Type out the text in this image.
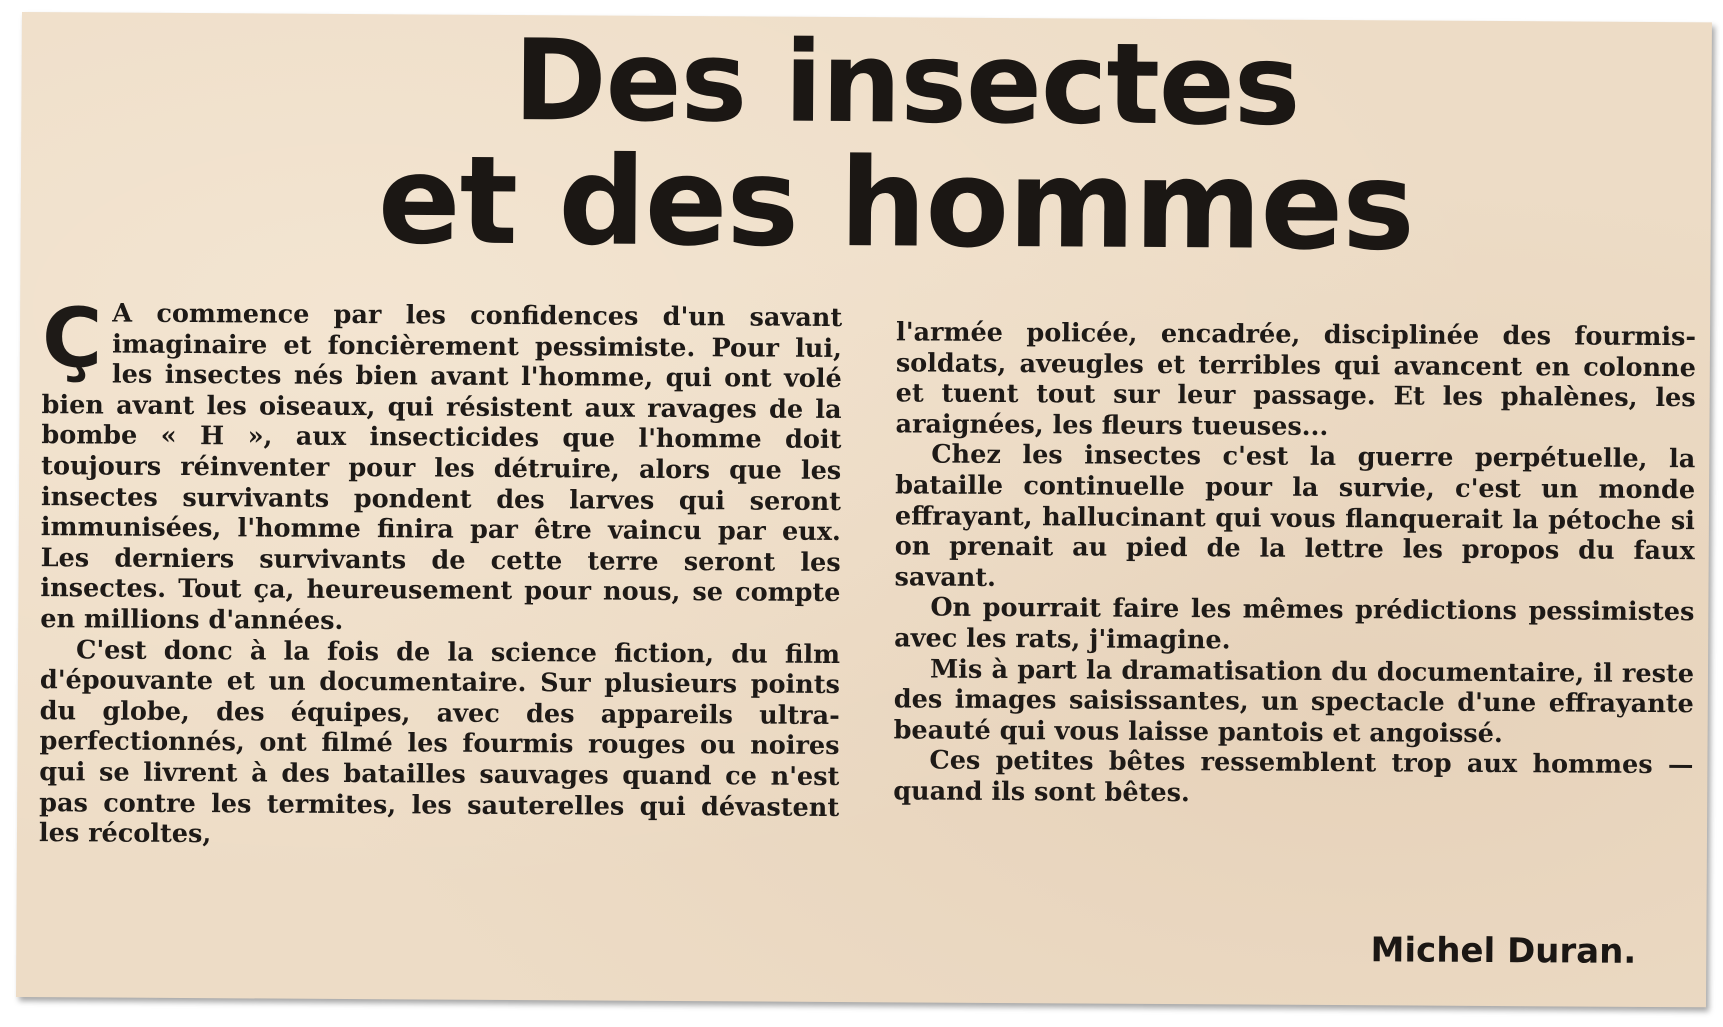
Des insectes
et des hommes

Ç A commence par les confidences d'un savant imaginaire et foncièrement pessimiste. Pour lui, les insectes nés bien avant l'homme, qui ont volé bien avant les oiseaux, qui résistent aux ravages de la bombe « H », aux insecticides que l'homme doit toujours réinventer pour les détruire, alors que les insectes survivants pondent des larves qui seront immunisées, l'homme finira par être vaincu par eux. Les derniers survivants de cette terre seront les insectes. Tout ça, heureusement pour nous, se compte en millions d'années.

C'est donc à la fois de la science fiction, du film d'épouvante et un documentaire. Sur plusieurs points du globe, des équipes, avec des appareils ultra-perfectionnés, ont filmé les fourmis rouges ou noires qui se livrent à des batailles sauvages quand ce n'est pas contre les termites, les sauterelles qui dévastent les récoltes,

l'armée policée, encadrée, disciplinée des fourmis-soldats, aveugles et terribles qui avancent en colonne et tuent tout sur leur passage. Et les phalènes, les araignées, les fleurs tueuses...

Chez les insectes c'est la guerre perpétuelle, la bataille continuelle pour la survie, c'est un monde effrayant, hallucinant qui vous flanquerait la pétoche si on prenait au pied de la lettre les propos du faux savant.

On pourrait faire les mêmes prédictions pessimistes avec les rats, j'imagine.

Mis à part la dramatisation du documentaire, il reste des images saisissantes, un spectacle d'une effrayante beauté qui vous laisse pantois et angoissé.

Ces petites bêtes ressemblent trop aux hommes — quand ils sont bêtes.

Michel Duran.
